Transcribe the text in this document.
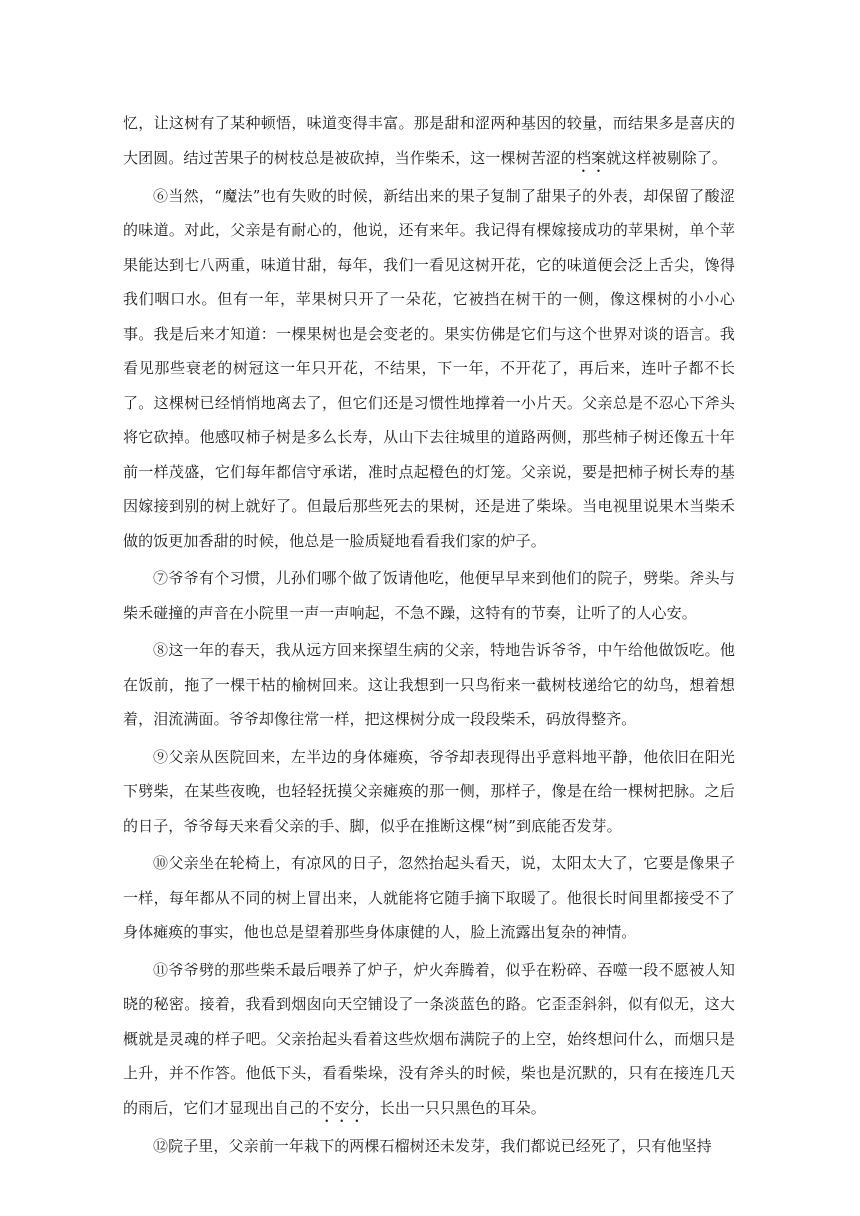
忆，让这树有了某种顿悟，味道变得丰富。那是甜和涩两种基因的较量，而结果多是喜庆的大团圆。结过苦果子的树枝总是被砍掉，当作柴禾，这一棵树苦涩的档案就这样被剔除了。

⑥当然，“魔法”也有失败的时候，新结出来的果子复制了甜果子的外表，却保留了酸涩的味道。对此，父亲是有耐心的，他说，还有来年。我记得有棵嫁接成功的苹果树，单个苹果能达到七八两重，味道甘甜，每年，我们一看见这树开花，它的味道便会泛上舌尖，馋得我们咽口水。但有一年，苹果树只开了一朵花，它被挡在树干的一侧，像这棵树的小小心事。我是后来才知道：一棵果树也是会变老的。果实仿佛是它们与这个世界对谈的语言。我看见那些衰老的树冠这一年只开花，不结果，下一年，不开花了，再后来，连叶子都不长了。这棵树已经悄悄地离去了，但它们还是习惯性地撑着一小片天。父亲总是不忍心下斧头将它砍掉。他感叹柿子树是多么长寿，从山下去往城里的道路两侧，那些柿子树还像五十年前一样茂盛，它们每年都信守承诺，准时点起橙色的灯笼。父亲说，要是把柿子树长寿的基因嫁接到别的树上就好了。但最后那些死去的果树，还是进了柴垛。当电视里说果木当柴禾做的饭更加香甜的时候，他总是一脸质疑地看看我们家的炉子。

⑦爷爷有个习惯，儿孙们哪个做了饭请他吃，他便早早来到他们的院子，劈柴。斧头与柴禾碰撞的声音在小院里一声一声响起，不急不躁，这特有的节奏，让听了的人心安。

⑧这一年的春天，我从远方回来探望生病的父亲，特地告诉爷爷，中午给他做饭吃。他在饭前，拖了一棵干枯的榆树回来。这让我想到一只鸟衔来一截树枝递给它的幼鸟，想着想着，泪流满面。爷爷却像往常一样，把这棵树分成一段段柴禾，码放得整齐。

⑨父亲从医院回来，左半边的身体瘫痪，爷爷却表现得出乎意料地平静，他依旧在阳光下劈柴，在某些夜晚，也轻轻抚摸父亲瘫痪的那一侧，那样子，像是在给一棵树把脉。之后的日子，爷爷每天来看父亲的手、脚，似乎在推断这棵“树”到底能否发芽。

⑩父亲坐在轮椅上，有凉风的日子，忽然抬起头看天，说，太阳太大了，它要是像果子一样，每年都从不同的树上冒出来，人就能将它随手摘下取暖了。他很长时间里都接受不了身体瘫痪的事实，他也总是望着那些身体康健的人，脸上流露出复杂的神情。

⑪爷爷劈的那些柴禾最后喂养了炉子，炉火奔腾着，似乎在粉碎、吞噬一段不愿被人知晓的秘密。接着，我看到烟囱向天空铺设了一条淡蓝色的路。它歪歪斜斜，似有似无，这大概就是灵魂的样子吧。父亲抬起头看着这些炊烟布满院子的上空，始终想问什么，而烟只是上升，并不作答。他低下头，看看柴垛，没有斧头的时候，柴也是沉默的，只有在接连几天的雨后，它们才显现出自己的不安分，长出一只只黑色的耳朵。

⑫院子里，父亲前一年栽下的两棵石榴树还未发芽，我们都说已经死了，只有他坚持
